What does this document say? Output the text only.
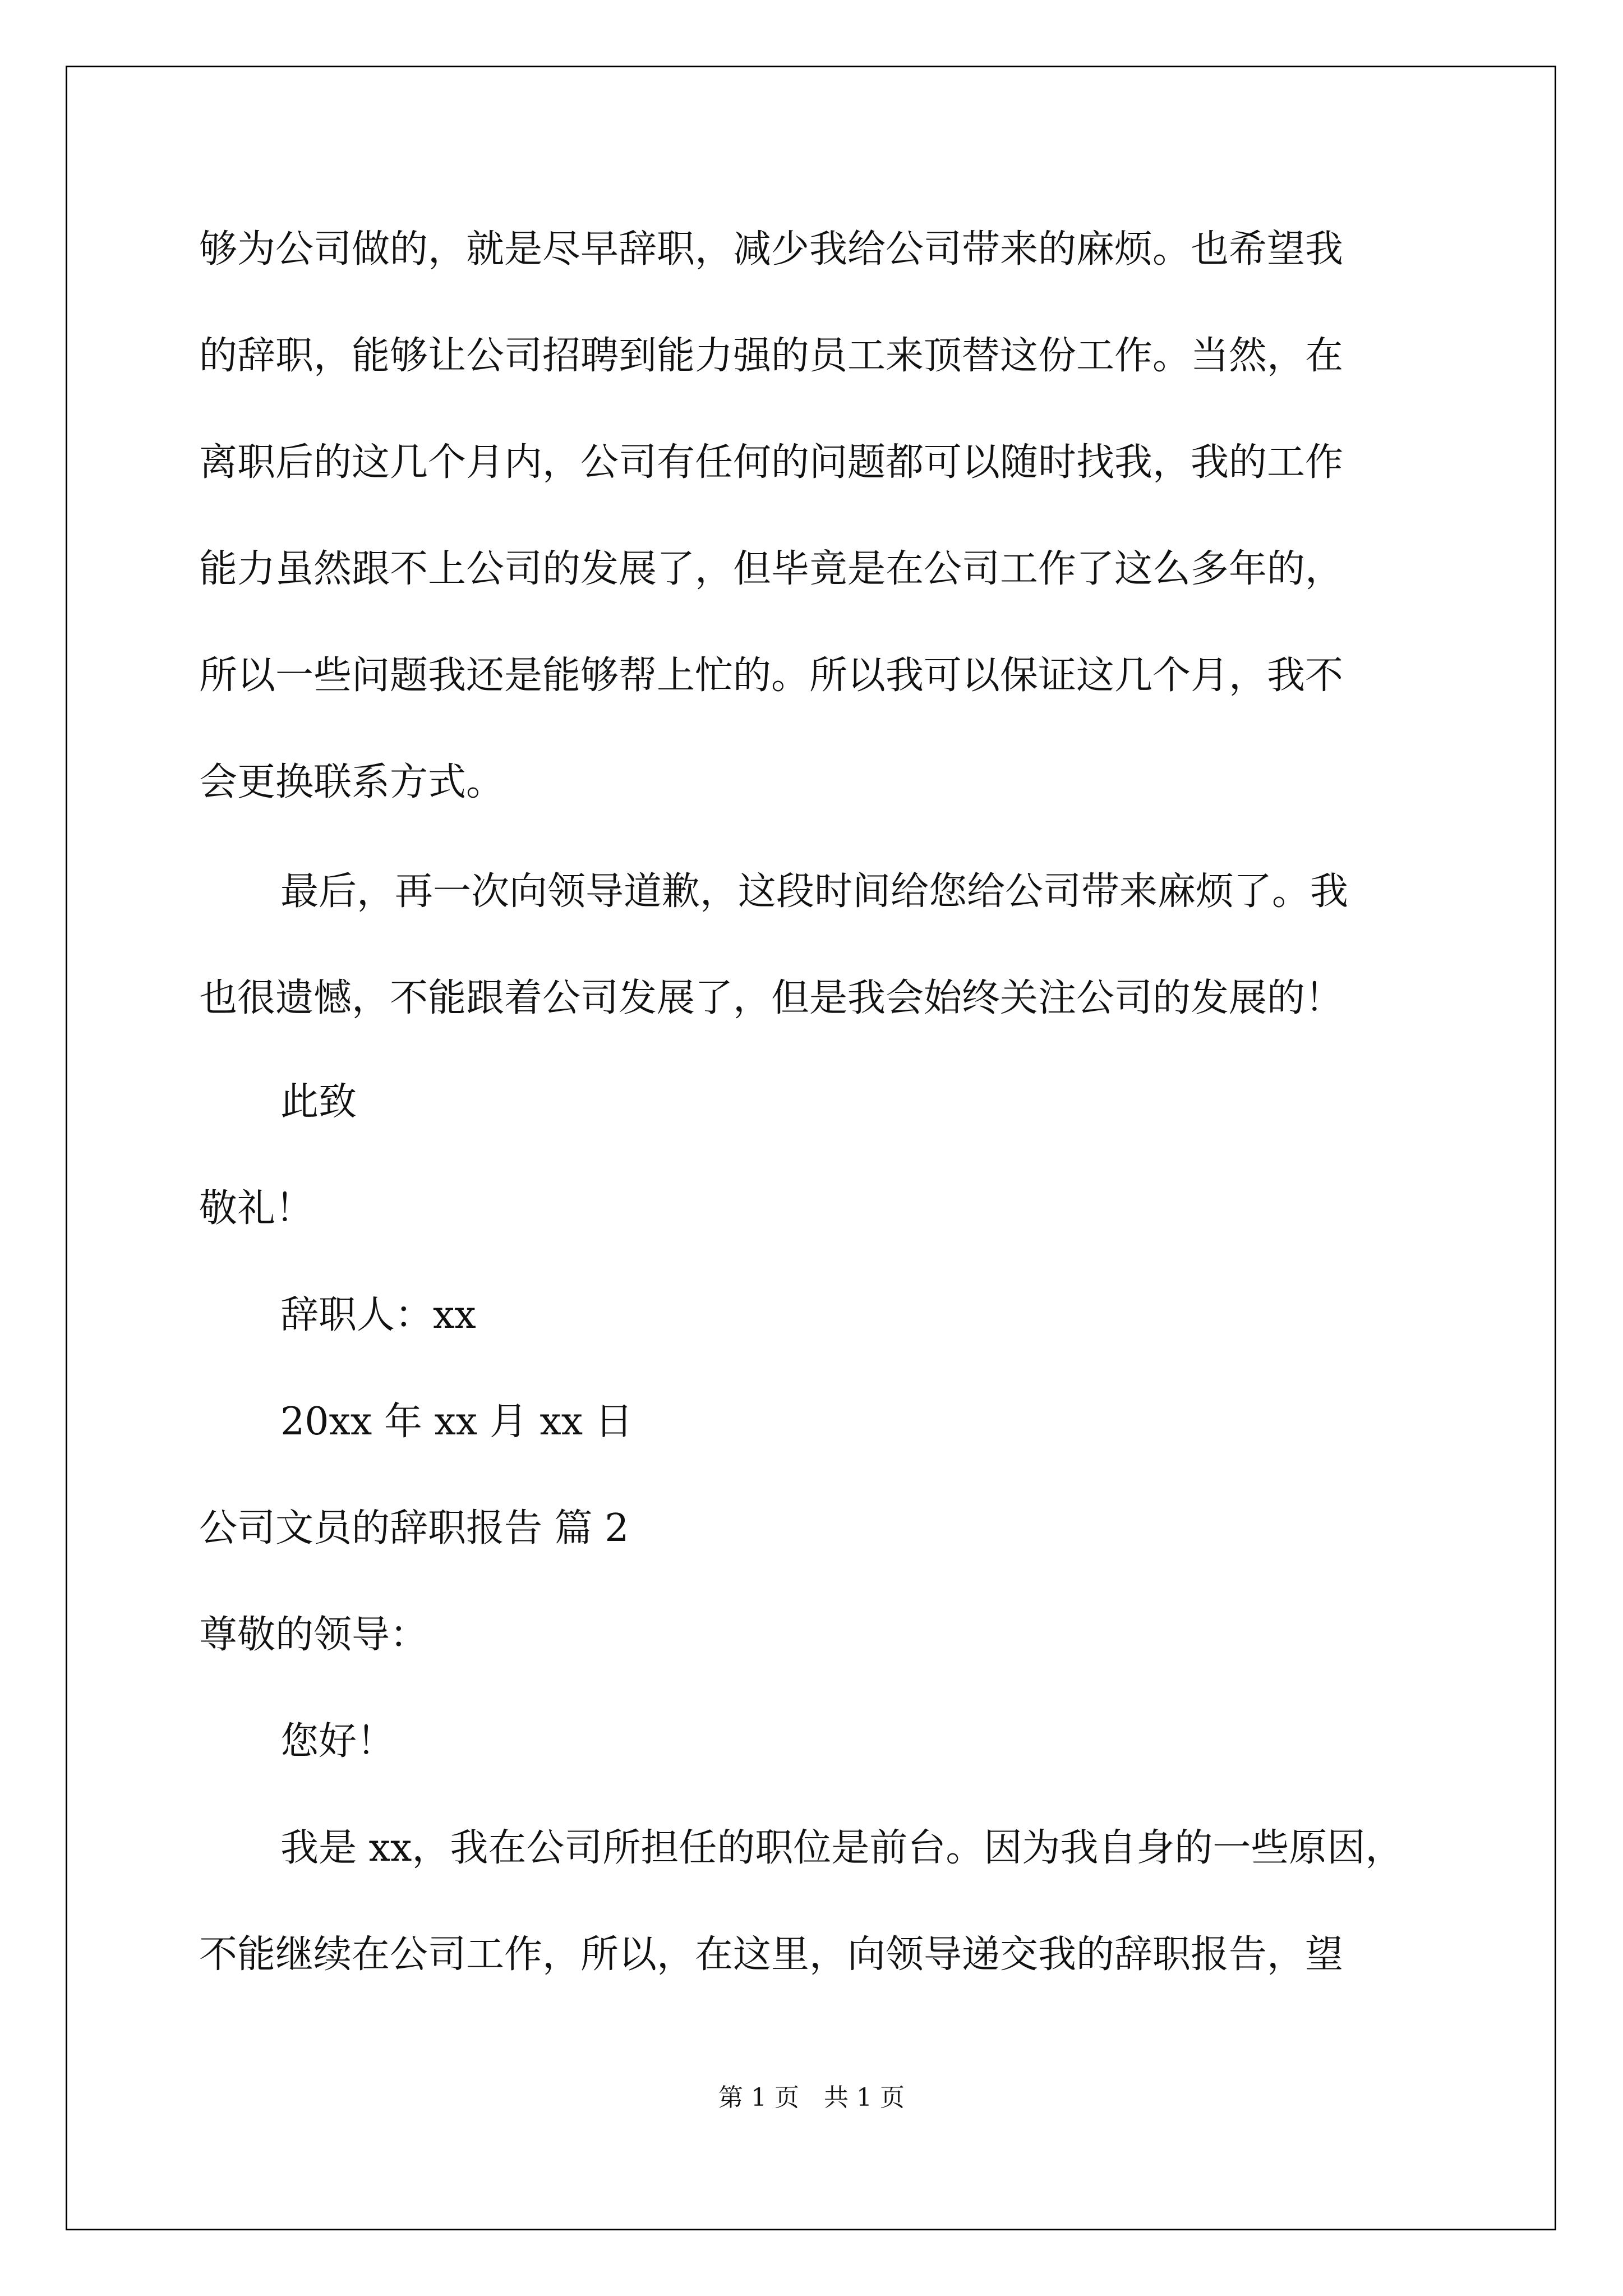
够为公司做的，就是尽早辞职，减少我给公司带来的麻烦。也希望我
的辞职，能够让公司招聘到能力强的员工来顶替这份工作。当然，在
离职后的这几个月内，公司有任何的问题都可以随时找我，我的工作
能力虽然跟不上公司的发展了，但毕竟是在公司工作了这么多年的，
所以一些问题我还是能够帮上忙的。所以我可以保证这几个月，我不
会更换联系方式。
最后，再一次向领导道歉，这段时间给您给公司带来麻烦了。我
也很遗憾，不能跟着公司发展了，但是我会始终关注公司的发展的！
此致
敬礼！
辞职人：xx
20xx 年 xx 月 xx 日
公司文员的辞职报告 篇 2
尊敬的领导：
您好！
我是 xx，我在公司所担任的职位是前台。因为我自身的一些原因，
不能继续在公司工作，所以，在这里，向领导递交我的辞职报告，望
第 1 页　共 1 页
